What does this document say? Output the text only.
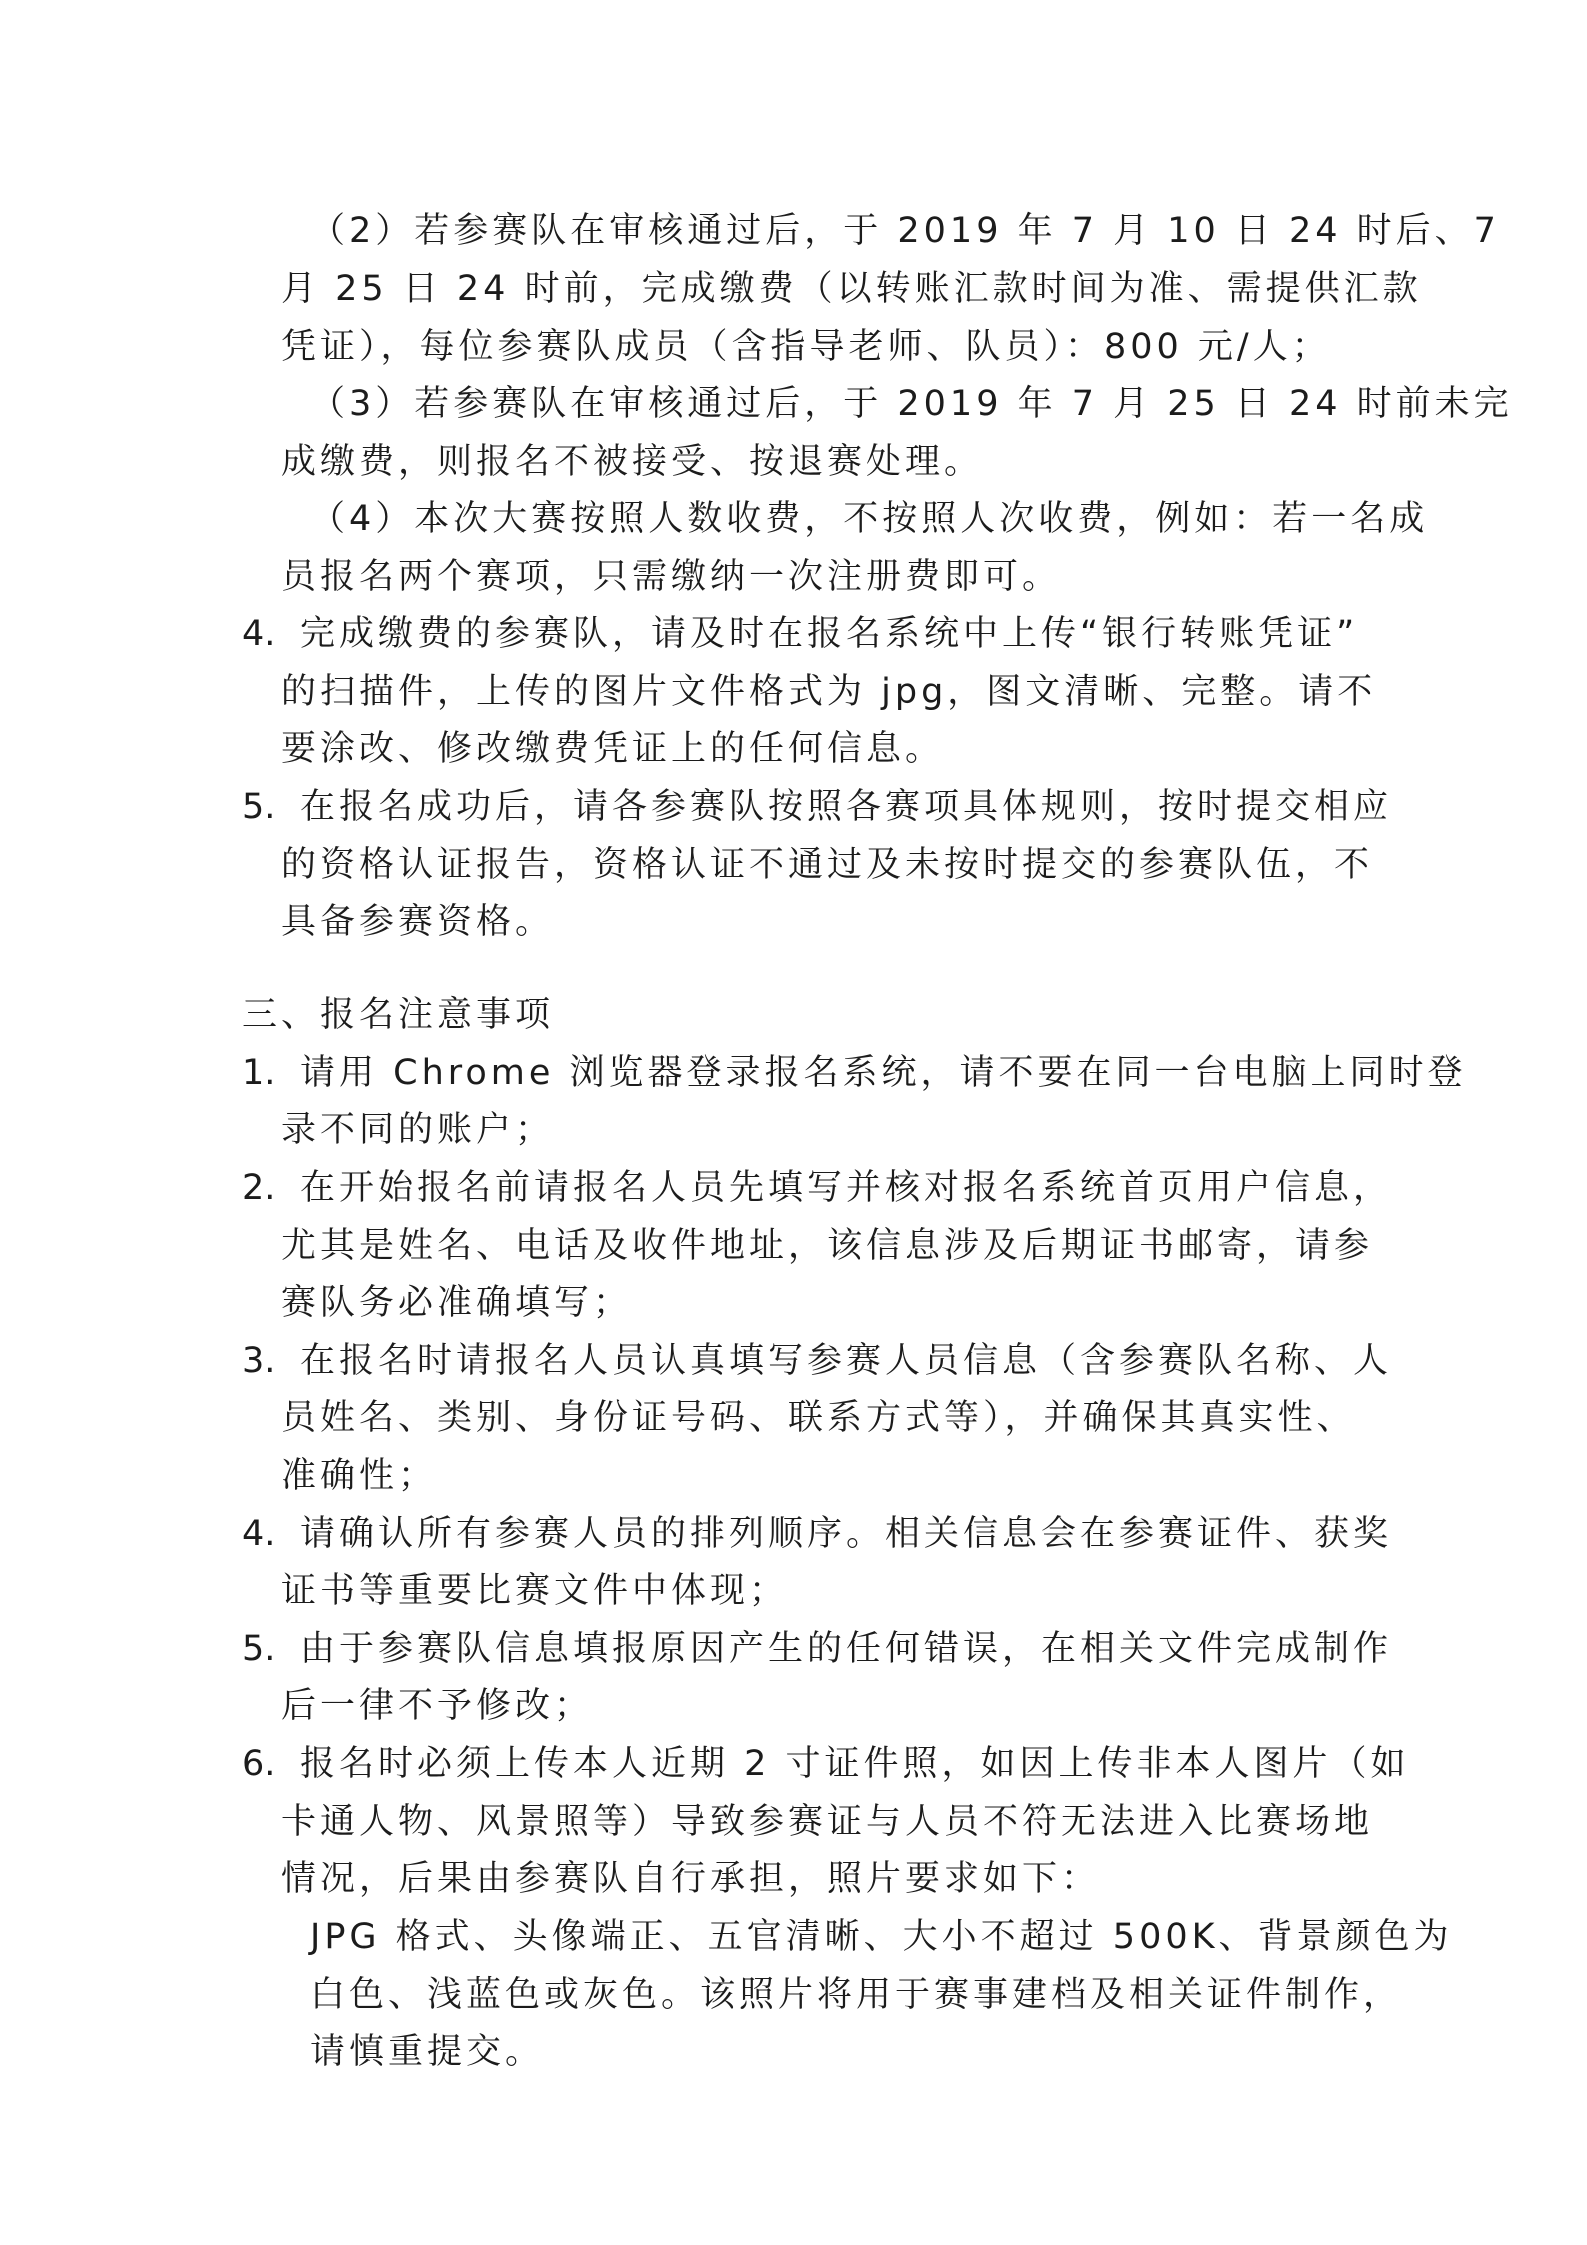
（2）若参赛队在审核通过后，于 2019 年 7 月 10 日 24 时后、7
月 25 日 24 时前，完成缴费（以转账汇款时间为准、需提供汇款
凭证），每位参赛队成员（含指导老师、队员）：800 元/人；
（3）若参赛队在审核通过后，于 2019 年 7 月 25 日 24 时前未完
成缴费，则报名不被接受、按退赛处理。
（4）本次大赛按照人数收费，不按照人次收费，例如：若一名成
员报名两个赛项，只需缴纳一次注册费即可。
4. 完成缴费的参赛队，请及时在报名系统中上传“银行转账凭证”
的扫描件，上传的图片文件格式为 jpg，图文清晰、完整。请不
要涂改、修改缴费凭证上的任何信息。
5. 在报名成功后，请各参赛队按照各赛项具体规则，按时提交相应
的资格认证报告，资格认证不通过及未按时提交的参赛队伍，不
具备参赛资格。
三、报名注意事项
1. 请用 Chrome 浏览器登录报名系统，请不要在同一台电脑上同时登
录不同的账户；
2. 在开始报名前请报名人员先填写并核对报名系统首页用户信息，
尤其是姓名、电话及收件地址，该信息涉及后期证书邮寄，请参
赛队务必准确填写；
3. 在报名时请报名人员认真填写参赛人员信息（含参赛队名称、人
员姓名、类别、身份证号码、联系方式等），并确保其真实性、
准确性；
4. 请确认所有参赛人员的排列顺序。相关信息会在参赛证件、获奖
证书等重要比赛文件中体现；
5. 由于参赛队信息填报原因产生的任何错误，在相关文件完成制作
后一律不予修改；
6. 报名时必须上传本人近期 2 寸证件照，如因上传非本人图片（如
卡通人物、风景照等）导致参赛证与人员不符无法进入比赛场地
情况，后果由参赛队自行承担，照片要求如下：
JPG 格式、头像端正、五官清晰、大小不超过 500K、背景颜色为
白色、浅蓝色或灰色。该照片将用于赛事建档及相关证件制作，
请慎重提交。
